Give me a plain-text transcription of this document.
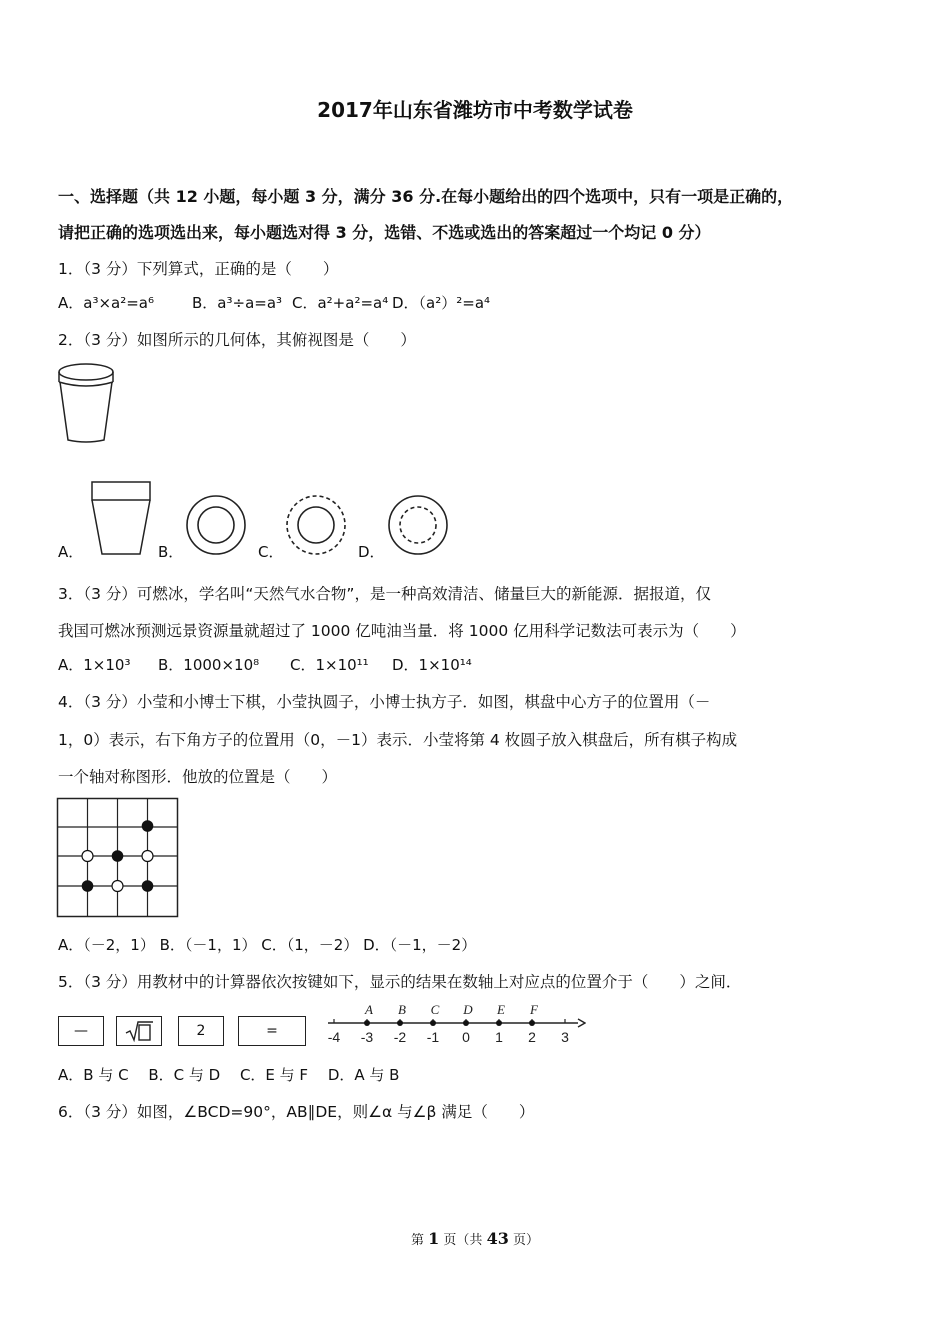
2017年山东省潍坊市中考数学试卷
一、选择题（共 12 小题，每小题 3 分，满分 36 分.在每小题给出的四个选项中，只有一项是正确的，
请把正确的选项选出来，每小题选对得 3 分，选错、不选或选出的答案超过一个均记 0 分）
1．（3 分）下列算式，正确的是（　　）
A．a³×a²=a⁶	B．a³÷a=a³ C．a²+a²=a⁴ D．（a²）²=a⁴
2．（3 分）如图所示的几何体，其俯视图是（　　）
A．	B．	C．	D．
3．（3 分）可燃冰，学名叫“天然气水合物”，是一种高效清洁、储量巨大的新能源．据报道，仅
我国可燃冰预测远景资源量就超过了 1000 亿吨油当量．将 1000 亿用科学记数法可表示为（　　）
A．1×10³ B．1000×10⁸ C．1×10¹¹ D．1×10¹⁴
4．（3 分）小莹和小博士下棋，小莹执圆子，小博士执方子．如图，棋盘中心方子的位置用（－
1，0）表示，右下角方子的位置用（0，－1）表示．小莹将第 4 枚圆子放入棋盘后，所有棋子构成
一个轴对称图形．他放的位置是（　　）
A．（－2，1） B．（－1，1） C．（1，－2） D．（－1，－2）
5．（3 分）用教材中的计算器依次按键如下，显示的结果在数轴上对应点的位置介于（　　）之间．
—	2	=	-4 -3 -2 -1 0 1 2 3
A B C D E F
A．B 与 C　 B．C 与 D　 C．E 与 F　 D．A 与 B
6．（3 分）如图，∠BCD=90°，AB∥DE，则∠α 与∠β 满足（　　）
第 1 页（共 43 页）
